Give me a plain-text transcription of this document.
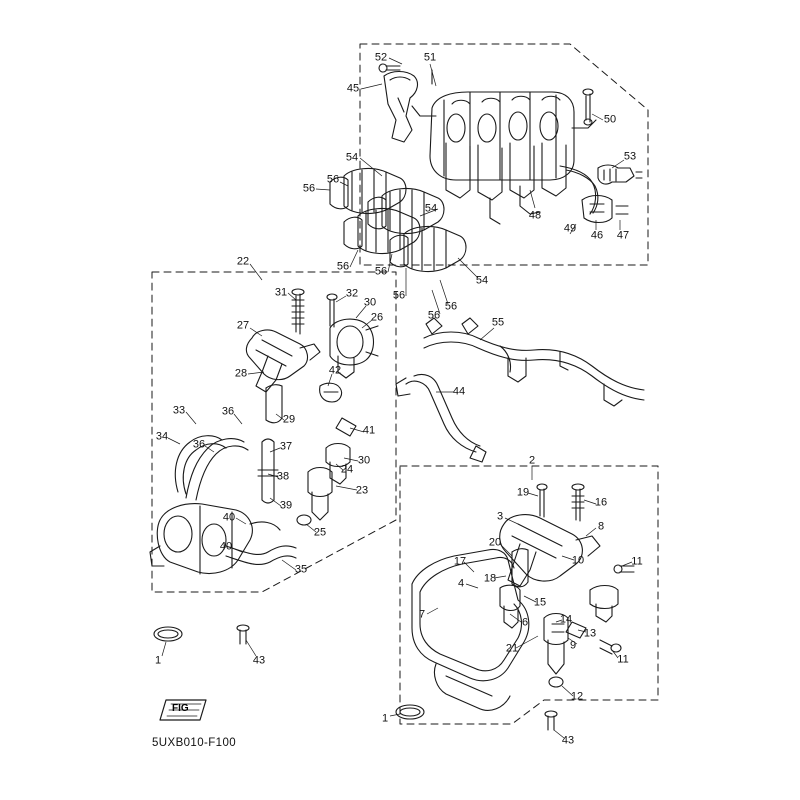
52	51
45
50
53
54
56
56
54
48
47
46
49
56 56
54
56
56
56
22
31	32
30
26
27	55
28	42
44
33	36
29
41
34
36	37
30
38
24
23
39
40
25
40
35
2
19
16
3
8
20
10	11
17
18
4
15
7
6	14
13
9
11
21
12
1	43
1
43
FIG
5UXB010-F100
